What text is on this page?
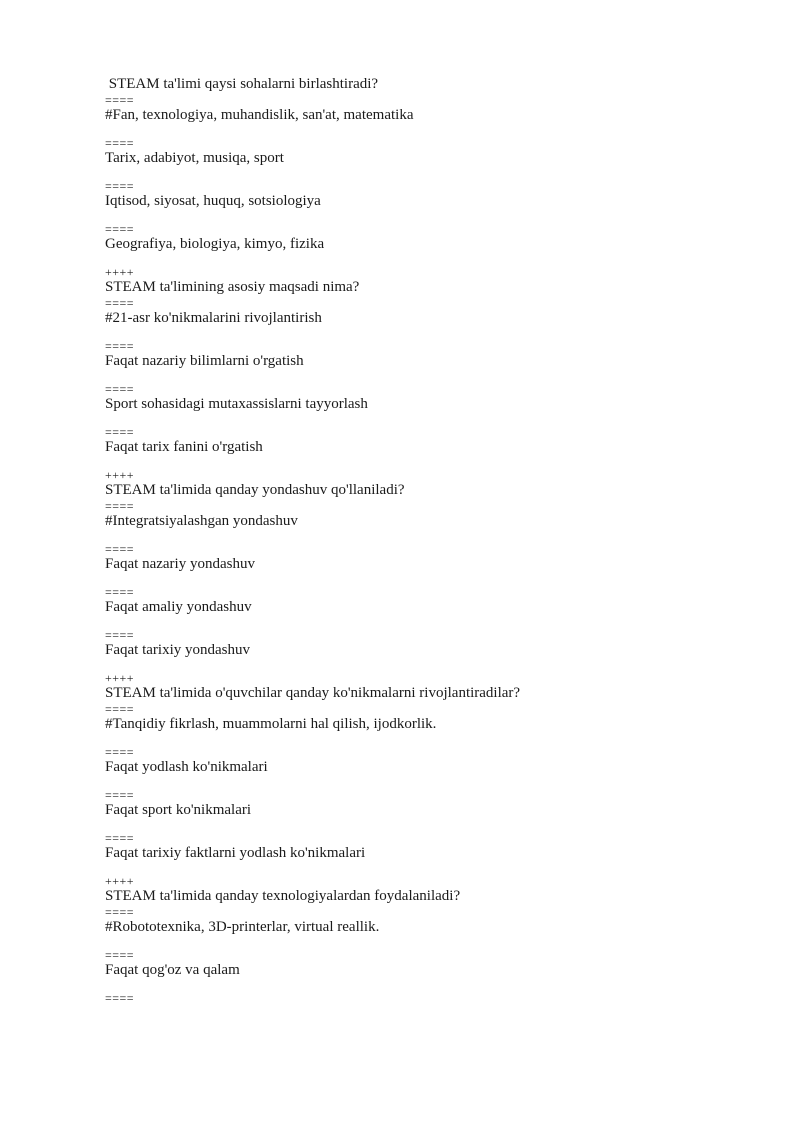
STEAM ta'limi qaysi sohalarni birlashtiradi?
====
#Fan, texnologiya, muhandislik, san'at, matematika
====
Tarix, adabiyot, musiqa, sport
====
Iqtisod, siyosat, huquq, sotsiologiya
====
Geografiya, biologiya, kimyo, fizika
++++
STEAM ta'limining asosiy maqsadi nima?
====
#21-asr ko'nikmalarini rivojlantirish
====
Faqat nazariy bilimlarni o'rgatish
====
Sport sohasidagi mutaxassislarni tayyorlash
====
Faqat tarix fanini o'rgatish
++++
STEAM ta'limida qanday yondashuv qo'llaniladi?
====
#Integratsiyalashgan yondashuv
====
Faqat nazariy yondashuv
====
Faqat amaliy yondashuv
====
Faqat tarixiy yondashuv
++++
STEAM ta'limida o'quvchilar qanday ko'nikmalarni rivojlantiradilar?
====
#Tanqidiy fikrlash, muammolarni hal qilish, ijodkorlik.
====
Faqat yodlash ko'nikmalari
====
Faqat sport ko'nikmalari
====
Faqat tarixiy faktlarni yodlash ko'nikmalari
++++
STEAM ta'limida qanday texnologiyalardan foydalaniladi?
====
#Robototexnika, 3D-printerlar, virtual reallik.
====
Faqat qog'oz va qalam
====
